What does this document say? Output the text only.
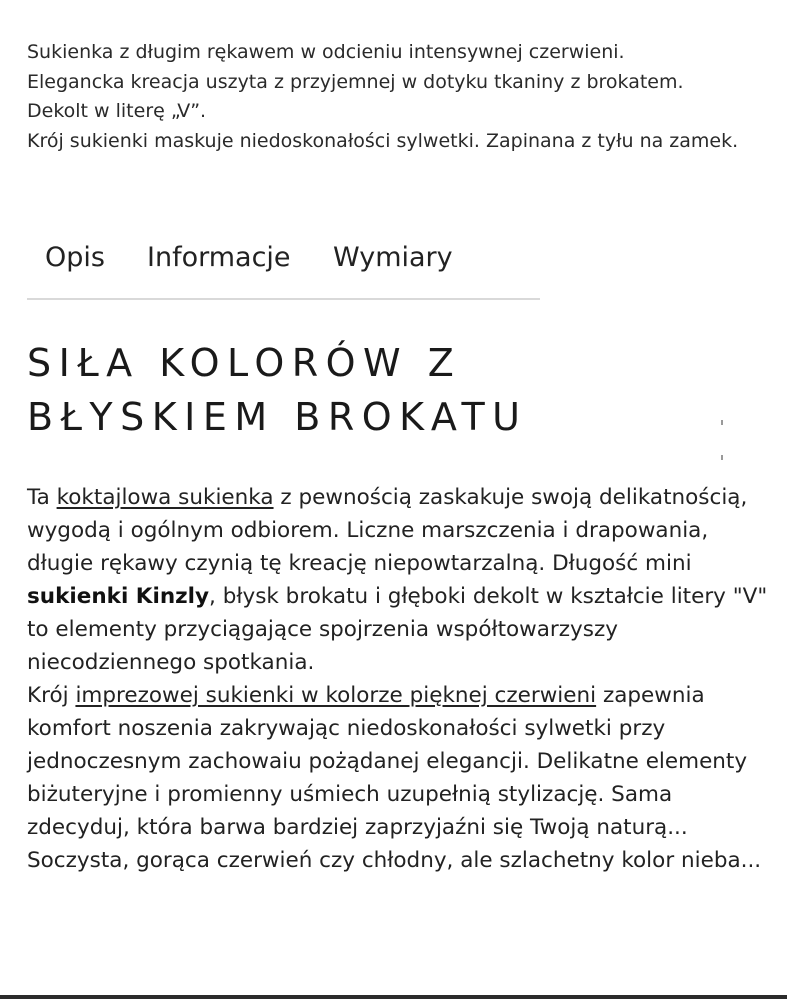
Sukienka z długim rękawem w odcieniu intensywnej czerwieni.

Elegancka kreacja uszyta z przyjemnej w dotyku tkaniny z brokatem.

Dekolt w literę „V”.

Krój sukienki maskuje niedoskonałości sylwetki. Zapinana z tyłu na zamek.

Opis Informacje Wymiary
SIŁA KOLORÓW Z
BŁYSKIEM BROKATU

Ta koktajlowa sukienka z pewnością zaskakuje swoją delikatnością, wygodą i ogólnym odbiorem. Liczne marszczenia i drapowania, długie rękawy czynią tę kreację niepowtarzalną. Długość mini sukienki Kinzly, błysk brokatu i głęboki dekolt w kształcie litery "V" to elementy przyciągające spojrzenia współtowarzyszy niecodziennego spotkania.

Krój imprezowej sukienki w kolorze pięknej czerwieni zapewnia komfort noszenia zakrywając niedoskonałości sylwetki przy jednoczesnym zachowaiu pożądanej elegancji. Delikatne elementy biżuteryjne i promienny uśmiech uzupełnią stylizację. Sama zdecyduj, która barwa bardziej zaprzyjaźni się Twoją naturą... Soczysta, gorąca czerwień czy chłodny, ale szlachetny kolor nieba...
